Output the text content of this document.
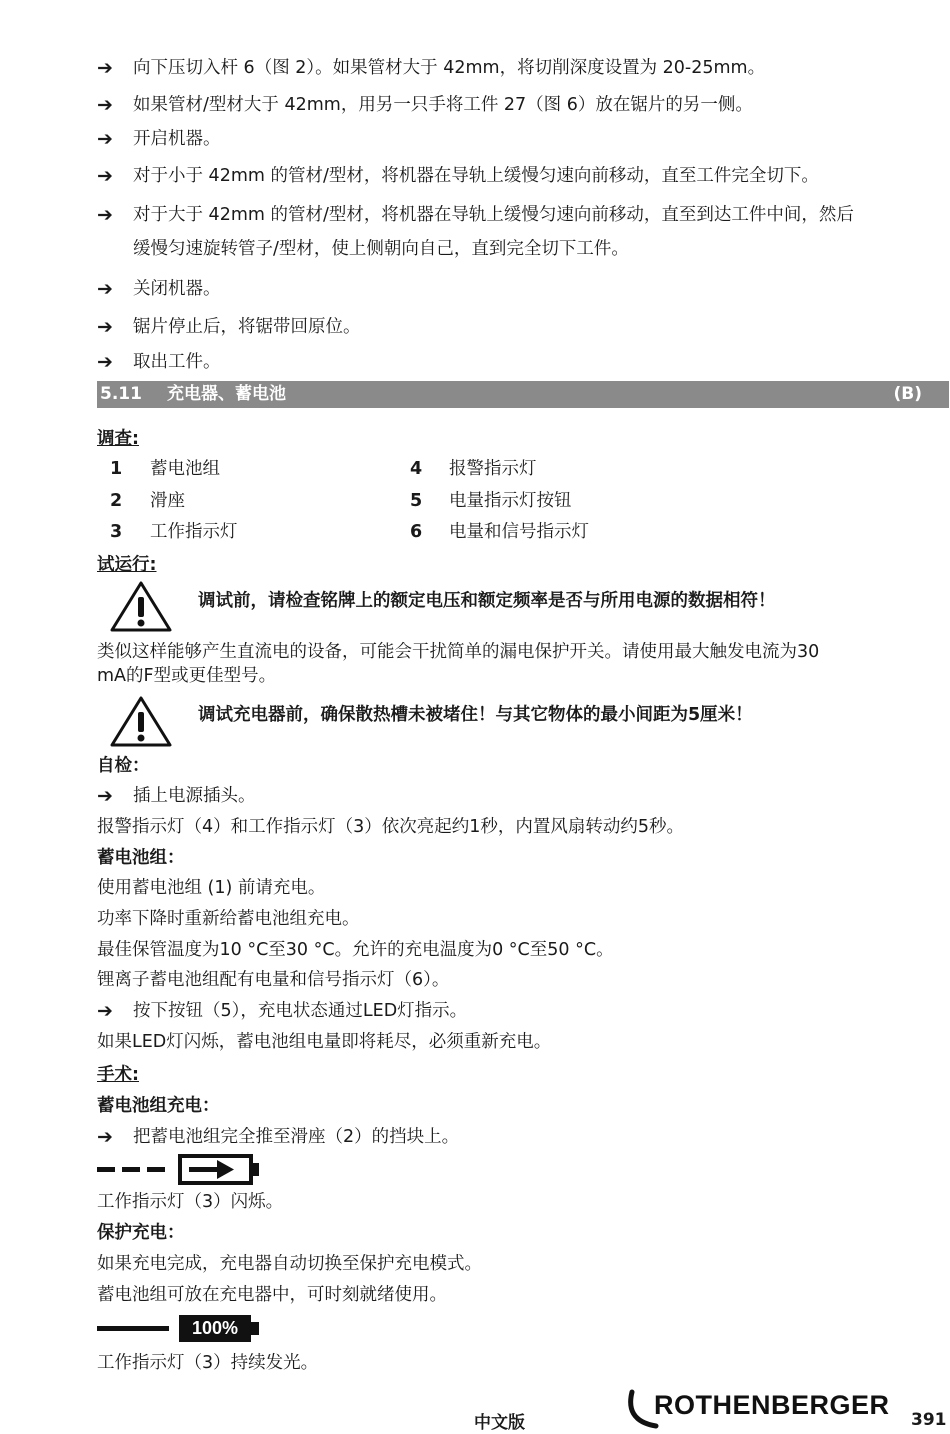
➔ 向下压切入杆 6（图 2）。如果管材大于 42mm，将切削深度设置为 20-25mm。
➔ 如果管材/型材大于 42mm，用另一只手将工件 27（图 6）放在锯片的另一侧。
➔ 开启机器。
➔ 对于小于 42mm 的管材/型材，将机器在导轨上缓慢匀速向前移动，直至工件完全切下。
➔ 对于大于 42mm 的管材/型材，将机器在导轨上缓慢匀速向前移动，直至到达工件中间，然后
缓慢匀速旋转管子/型材，使上侧朝向自己，直到完全切下工件。
➔ 关闭机器。
➔ 锯片停止后，将锯带回原位。
➔ 取出工件。
5.11 充电器、蓄电池	(B)
调查:
1 蓄电池组
2 滑座
3 工作指示灯
4 报警指示灯
5 电量指示灯按钮
6 电量和信号指示灯
试运行:
调试前，请检查铭牌上的额定电压和额定频率是否与所用电源的数据相符！
类似这样能够产生直流电的设备，可能会干扰简单的漏电保护开关。请使用最大触发电流为30
mA的F型或更佳型号。
调试充电器前，确保散热槽未被堵住！与其它物体的最小间距为5厘米！
自检：
➔ 插上电源插头。
报警指示灯（4）和工作指示灯（3）依次亮起约1秒，内置风扇转动约5秒。
蓄电池组：
使用蓄电池组 (1) 前请充电。
功率下降时重新给蓄电池组充电。
最佳保管温度为10 °C至30 °C。允许的充电温度为0 °C至50 °C。
锂离子蓄电池组配有电量和信号指示灯（6）。
➔ 按下按钮（5），充电状态通过LED灯指示。
如果LED灯闪烁，蓄电池组电量即将耗尽，必须重新充电。
手术:
蓄电池组充电：
➔ 把蓄电池组完全推至滑座（2）的挡块上。
工作指示灯（3）闪烁。
保护充电：
如果充电完成，充电器自动切换至保护充电模式。
蓄电池组可放在充电器中，可时刻就绪使用。
100%
工作指示灯（3）持续发光。
中文版
ROTHENBERGER 391
